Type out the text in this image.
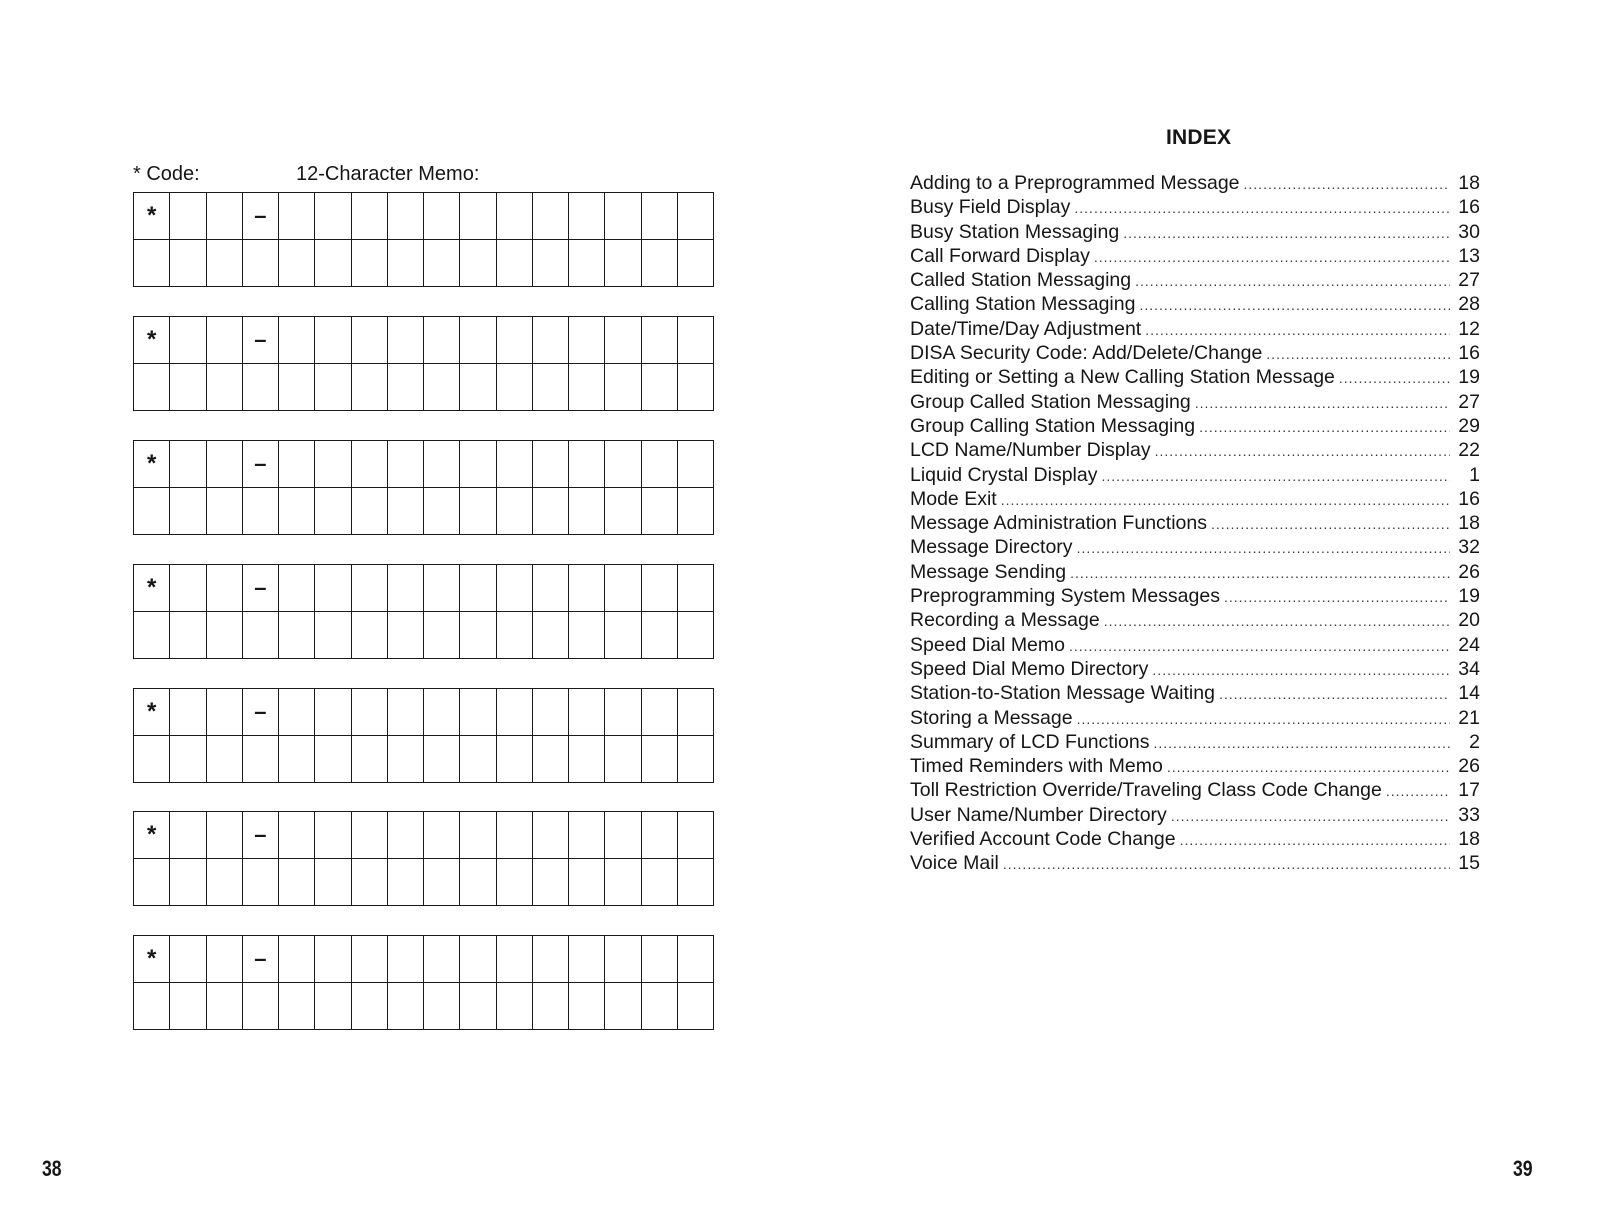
* Code:	12-Character Memo:
*			–												

*			–												

*			–												

*			–												

*			–												

*			–												

*			–												

38
INDEX
Adding to a Preprogrammed Message .....	18
Busy Field Display .....	16
Busy Station Messaging .....	30
Call Forward Display .....	13
Called Station Messaging .....	27
Calling Station Messaging .....	28
Date/Time/Day Adjustment .....	12
DISA Security Code: Add/Delete/Change .....	16
Editing or Setting a New Calling Station Message .....	19
Group Called Station Messaging .....	27
Group Calling Station Messaging .....	29
LCD Name/Number Display .....	22
Liquid Crystal Display .....	1
Mode Exit .....	16
Message Administration Functions .....	18
Message Directory .....	32
Message Sending .....	26
Preprogramming System Messages .....	19
Recording a Message .....	20
Speed Dial Memo .....	24
Speed Dial Memo Directory .....	34
Station-to-Station Message Waiting .....	14
Storing a Message .....	21
Summary of LCD Functions .....	2
Timed Reminders with Memo .....	26
Toll Restriction Override/Traveling Class Code Change .....	17
User Name/Number Directory .....	33
Verified Account Code Change .....	18
Voice Mail .....	15
39
